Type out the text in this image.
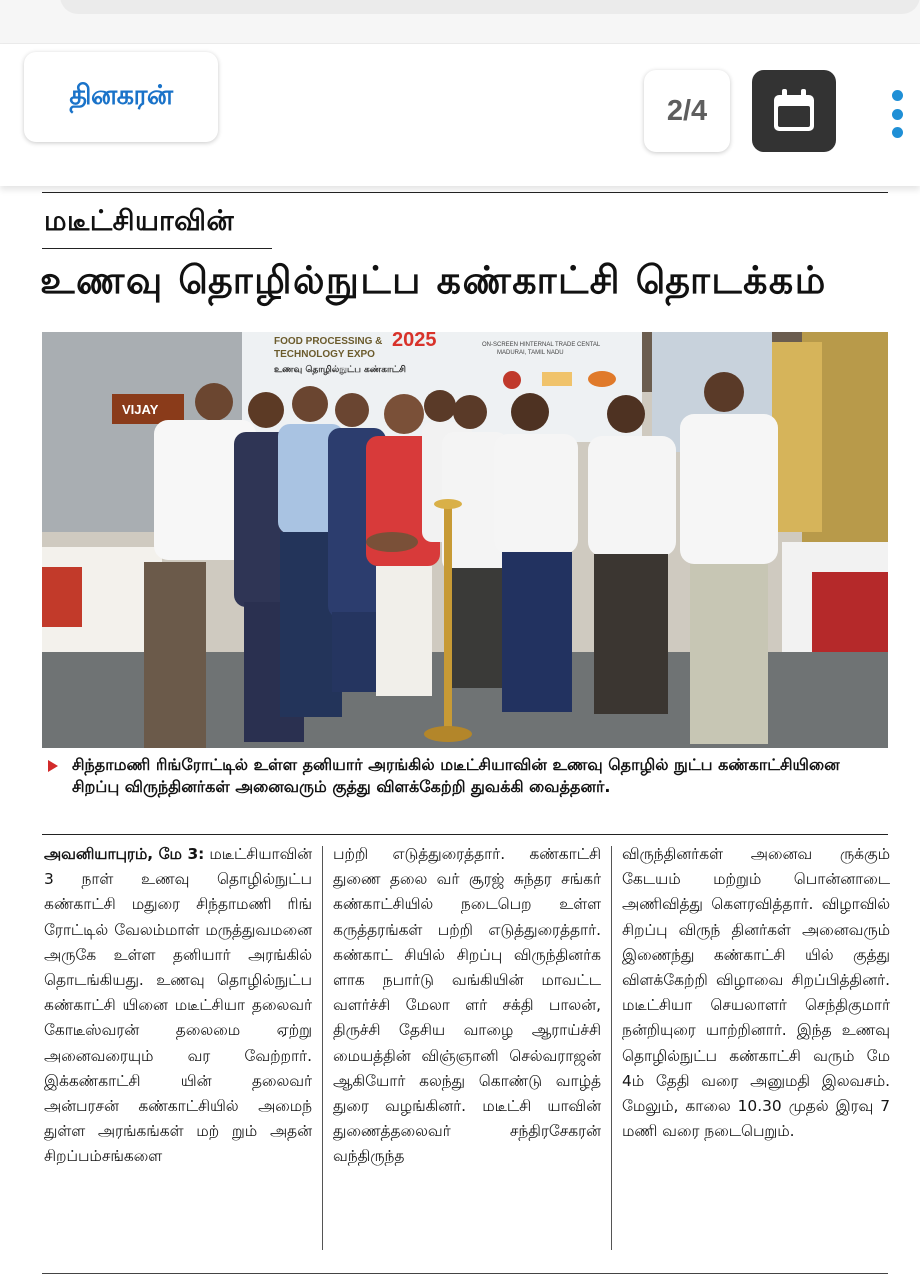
தினகரன்	2/4
மடீட்சியாவின்
உணவு தொழில்நுட்ப கண்காட்சி தொடக்கம்
VIJAY
FOOD PROCESSING &
TECHNOLOGY EXPO
2025
உணவு தொழில்நுட்ப கண்காட்சி
ON-SCREEN HINTERNAL TRADE CENTAL
MADURAI, TAMIL NADU
சிந்தாமணி ரிங்ரோட்டில் உள்ள தனியார் அரங்கில் மடீட்சியாவின் உணவு தொழில் நுட்ப கண்காட்சியினை சிறப்பு விருந்தினர்கள் அனைவரும் குத்து விளக்கேற்றி துவக்கி வைத்தனர்.
அவனியாபுரம், மே 3: மடீட்சியாவின் 3 நாள் உணவு தொழில்நுட்ப கண்காட்சி மதுரை சிந்தாமணி ரிங் ரோட்டில் வேலம்மாள் மருத்துவமனை அருகே உள்ள தனியார் அரங்கில் தொடங்கியது. உணவு தொழில்நுட்ப கண்காட்சி யினை மடீட்சியா தலைவர் கோடீஸ்வரன் தலைமை ஏற்று அனைவரையும் வர வேற்றார். இக்கண்காட்சி யின் தலைவர் அன்பரசன் கண்காட்சியில் அமைந் துள்ள அரங்கங்கள் மற் றும் அதன் சிறப்பம்சங்களை
பற்றி எடுத்துரைத்தார். கண்காட்சி துணை தலை வர் சூரஜ் சுந்தர சங்கர் கண்காட்சியில் நடைபெற உள்ள கருத்தரங்கள் பற்றி எடுத்துரைத்தார். கண்காட் சியில் சிறப்பு விருந்தினர்க ளாக நபார்டு வங்கியின் மாவட்ட வளர்ச்சி மேலா ளர் சக்தி பாலன், திருச்சி தேசிய வாழை ஆராய்ச்சி மையத்தின் விஞ்ஞானி செல்வராஜன் ஆகியோர் கலந்து கொண்டு வாழ்த் துரை வழங்கினர். மடீட்சி யாவின் துணைத்தலைவர் சந்திரசேகரன் வந்திருந்த
விருந்தினர்கள் அனைவ ருக்கும் கேடயம் மற்றும் பொன்னாடை அணிவித்து கௌரவித்தார். விழாவில் சிறப்பு விருந் தினர்கள் அனைவரும் இணைந்து கண்காட்சி யில் குத்து விளக்கேற்றி விழாவை சிறப்பித்தினர். மடீட்சியா செயலாளர் செந்திகுமார் நன்றியுரை யாற்றினார். இந்த உணவு தொழில்நுட்ப கண்காட்சி வரும் மே 4ம் தேதி வரை அனுமதி இலவசம். மேலும், காலை 10.30 முதல் இரவு 7 மணி வரை நடைபெறும்.
